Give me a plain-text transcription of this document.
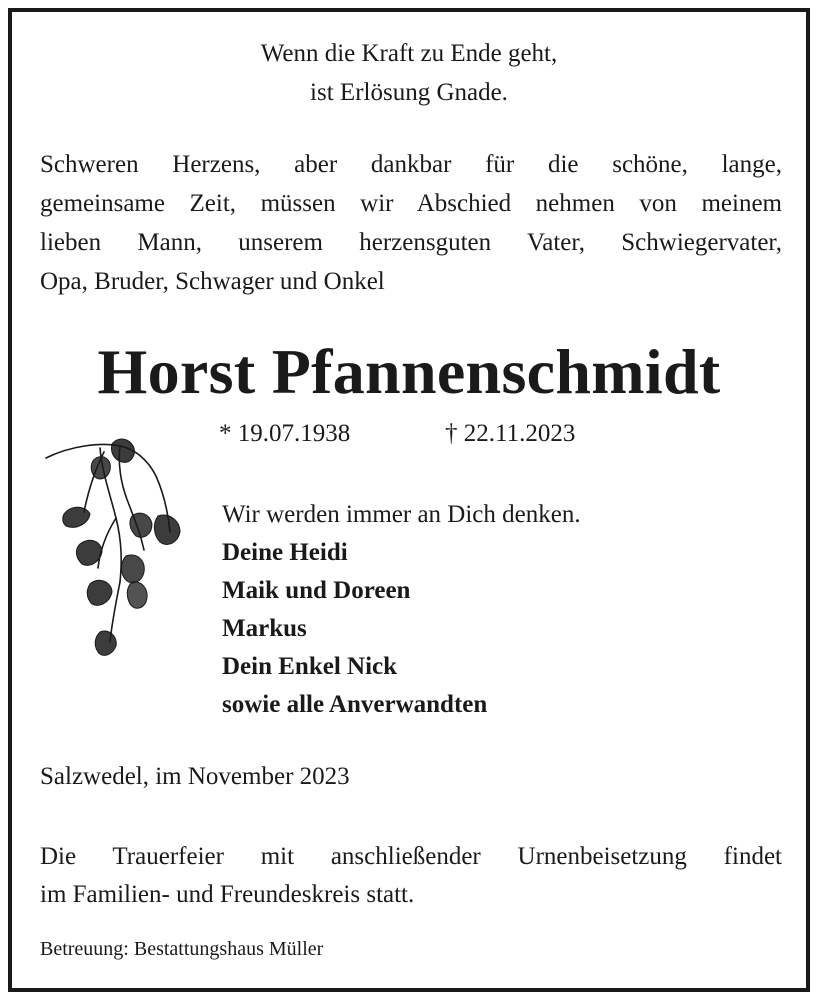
Wenn die Kraft zu Ende geht,
ist Erlösung Gnade.
Schweren Herzens, aber dankbar für die schöne, lange,
gemeinsame Zeit, müssen wir Abschied nehmen von meinem
lieben Mann, unserem herzensguten Vater, Schwiegervater,
Opa, Bruder, Schwager und Onkel
Horst Pfannenschmidt
* 19.07.1938	† 22.11.2023
Wir werden immer an Dich denken.
Deine Heidi
Maik und Doreen
Markus
Dein Enkel Nick
sowie alle Anverwandten
Salzwedel, im November 2023
Die Trauerfeier mit anschließender Urnenbeisetzung findet
im Familien- und Freundeskreis statt.
Betreuung: Bestattungshaus Müller
